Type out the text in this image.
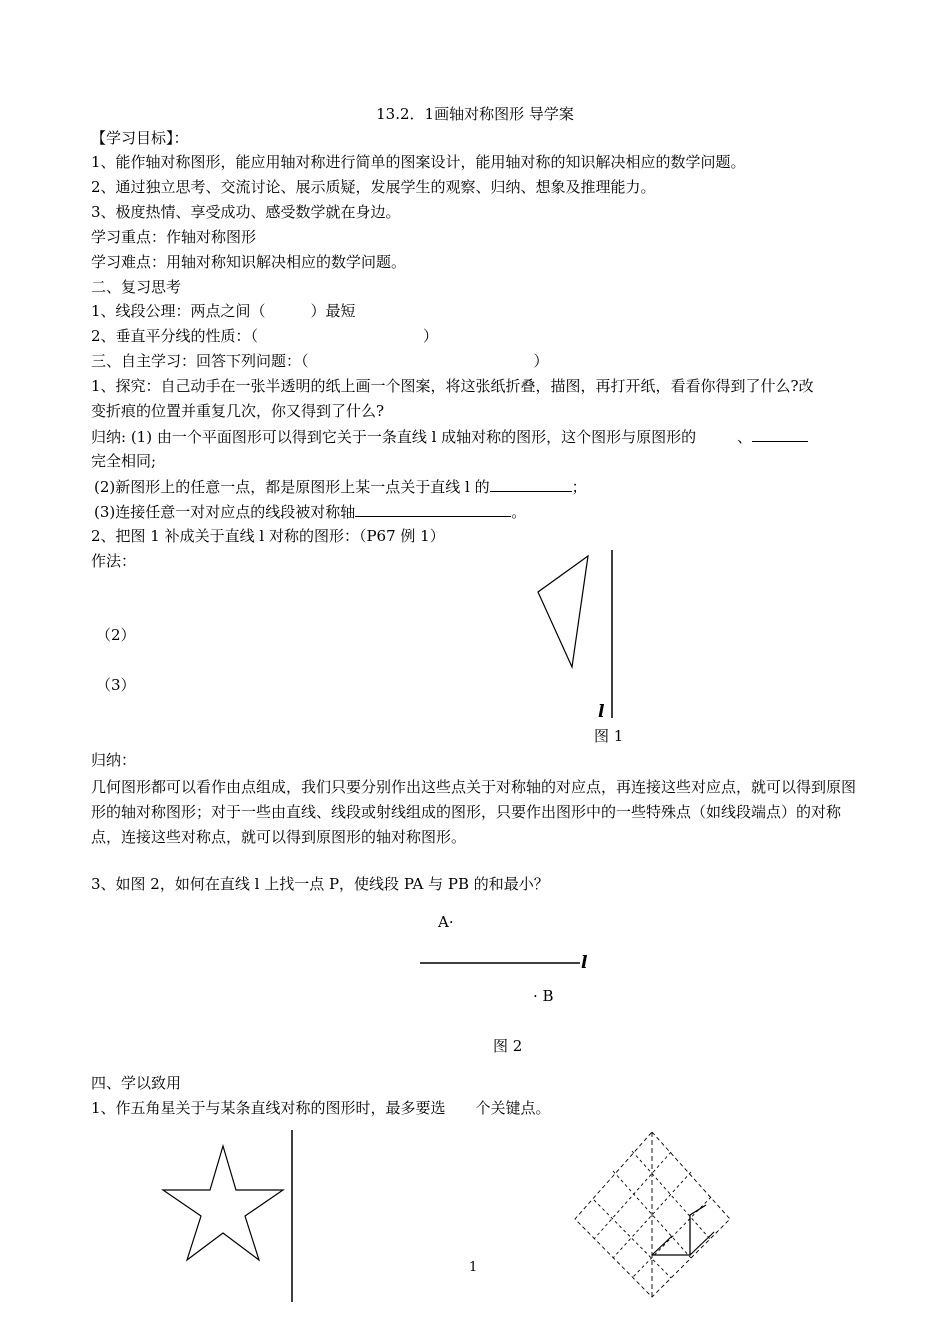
13.2．1画轴对称图形 导学案
【学习目标】：
1、能作轴对称图形，能应用轴对称进行简单的图案设计，能用轴对称的知识解决相应的数学问题。
2、通过独立思考、交流讨论、展示质疑，发展学生的观察、归纳、想象及推理能力。
3、极度热情、享受成功、感受数学就在身边。
学习重点：作轴对称图形
学习难点：用轴对称知识解决相应的数学问题。
二、复习思考
1、线段公理：两点之间（　　　）最短
2、垂直平分线的性质：（　　　　　　　　　　　）
三、自主学习：回答下列问题：（　　　　　　　　　　　　　　　）
1、探究：自己动手在一张半透明的纸上画一个图案，将这张纸折叠，描图，再打开纸，看看你得到了什么?改
变折痕的位置并重复几次，你又得到了什么?
归纳: (1) 由一个平面图形可以得到它关于一条直线 l 成轴对称的图形，这个图形与原图形的	、
完全相同;
(2)新图形上的任意一点，都是原图形上某一点关于直线 l 的	；
(3)连接任意一对对应点的线段被对称轴	。
2、把图 1 补成关于直线 l 对称的图形：（P67 例 1）
作法：
（2）
（3）
l
图 1
归纳：
几何图形都可以看作由点组成，我们只要分别作出这些点关于对称轴的对应点，再连接这些对应点，就可以得到原图形的轴对称图形；对于一些由直线、线段或射线组成的图形，只要作出图形中的一些特殊点（如线段端点）的对称点，连接这些对称点，就可以得到原图形的轴对称图形。
3、如图 2，如何在直线 l 上找一点 P，使线段 PA 与 PB 的和最小？
A·
l
· B
图 2
四、学以致用
1、作五角星关于与某条直线对称的图形时，最多要选　　个关键点。
1
